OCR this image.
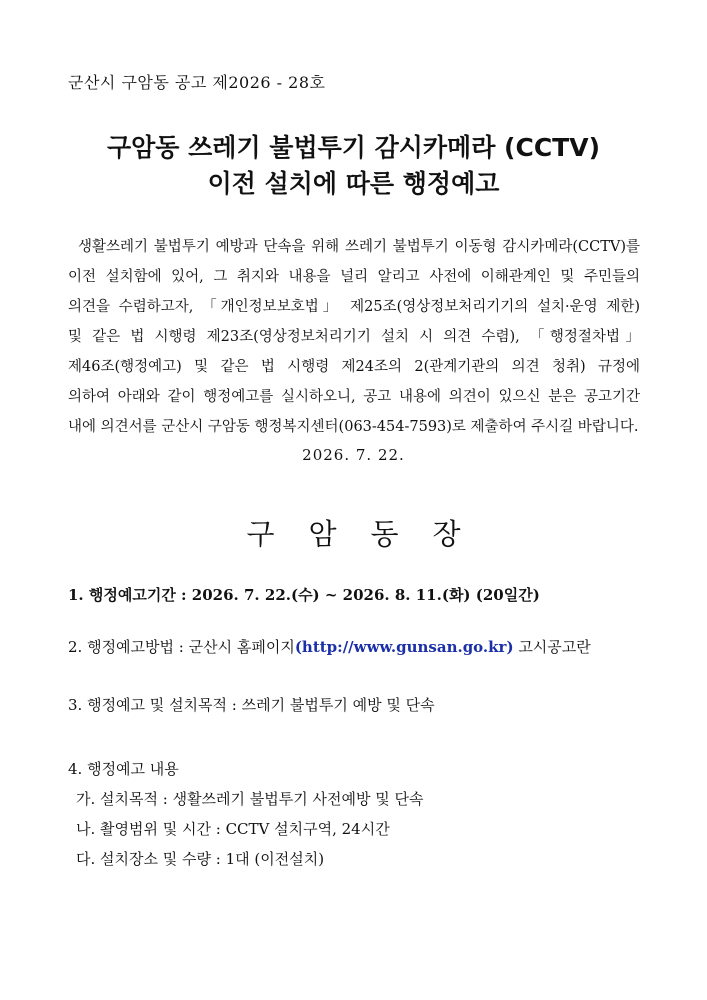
군산시 구암동 공고 제2026 - 28호
구암동 쓰레기 불법투기 감시카메라 (CCTV)
이전 설치에 따른 행정예고
생활쓰레기 불법투기 예방과 단속을 위해 쓰레기 불법투기 이동형 감시카메라(CCTV)를
이전 설치함에 있어, 그 취지와 내용을 널리 알리고 사전에 이해관계인 및 주민들의
의견을 수렴하고자, 「개인정보보호법」 제25조(영상정보처리기기의 설치·운영 제한)
및 같은 법 시행령 제23조(영상정보처리기기 설치 시 의견 수렴), 「행정절차법」
제46조(행정예고) 및 같은 법 시행령 제24조의 2(관계기관의 의견 청취) 규정에
의하여 아래와 같이 행정예고를 실시하오니, 공고 내용에 의견이 있으신 분은 공고기간
내에 의견서를 군산시 구암동 행정복지센터(063-454-7593)로 제출하여 주시길 바랍니다.
2026. 7. 22.
구암동장
1. 행정예고기간 : 2026. 7. 22.(수) ~ 2026. 8. 11.(화) (20일간)
2. 행정예고방법 : 군산시 홈페이지(http://www.gunsan.go.kr) 고시공고란
3. 행정예고 및 설치목적 : 쓰레기 불법투기 예방 및 단속
4. 행정예고 내용
가. 설치목적 : 생활쓰레기 불법투기 사전예방 및 단속
나. 촬영범위 및 시간 : CCTV 설치구역, 24시간
다. 설치장소 및 수량 : 1대 (이전설치)
